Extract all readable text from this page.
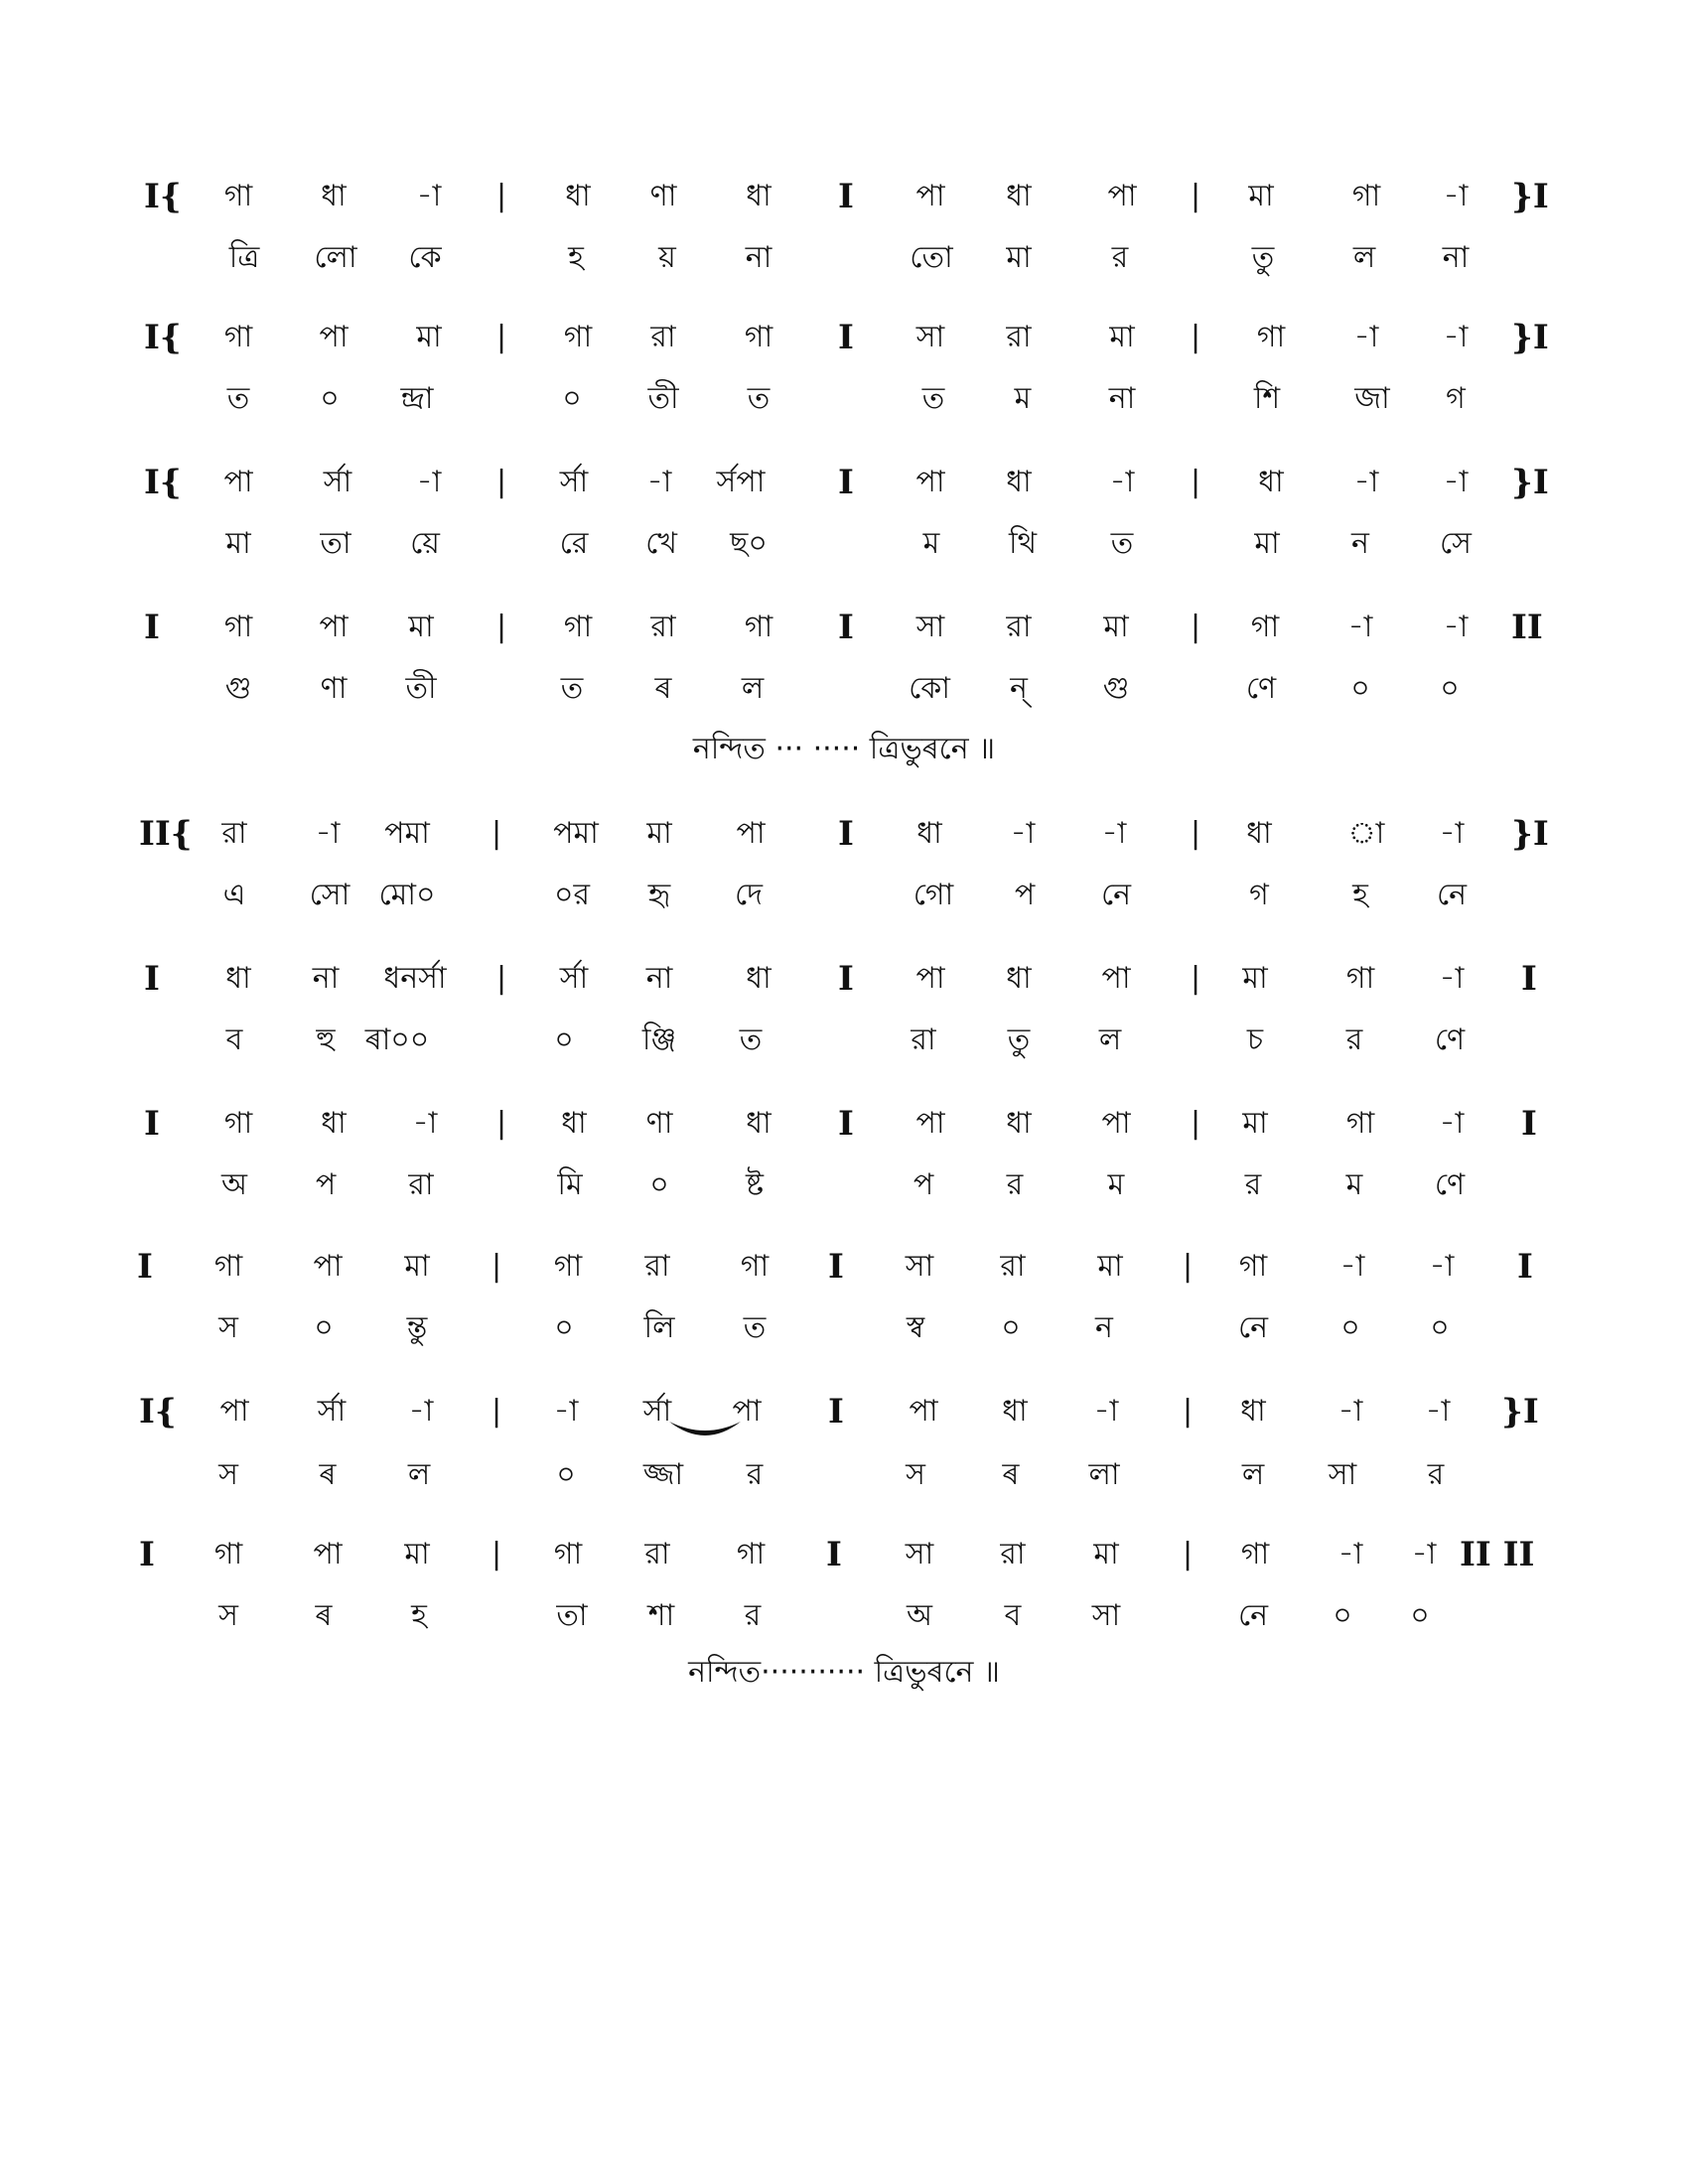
I{	গা	ধা	-া	|	ধা	ণা	ধা	I	পা	ধা	পা	|	মা	গা	-া	}I
ত্রি	লো	কে	হ	য়	না	তো	মা	র	তু	ল	না
I{	গা	পা	মা	|	গা	রা	গা	I	সা	রা	মা	|	গা	-া	-া	}I
ত	০	ন্দ্রা	০	তী	ত	ত	ম	না	শি	জা	গ
I{	পা	র্সা	-া	|	র্সা	-া	র্সপা	I	পা	ধা	-া	|	ধা	-া	-া	}I
মা	তা	য়ে	রে	খে	ছ০	ম	থি	ত	মা	ন	সে
I	গা	পা	মা	|	গা	রা	গা	I	সা	রা	মা	|	গা	-া	-া	II
গু	ণা	তী	ত	ৰ	ল	কো	ন্	গু	ণে	০	০
নন্দিত ··· ····· ত্রিভুৰনে ॥
II{ রা	-া	পমা	|	পমা	মা	পা	I	ধা	-া	-া	|	ধা	া	-া	}I
এ	সো মো০	০র	হৃ	দে	গো	প	নে	গ	হ	নে
I	ধা	না	ধনর্সা	|	র্সা	না	ধা	I	পা	ধা	পা	|	মা	গা	-া	I
ব	হু	ৰা০০	০	ঞ্জি	ত	রা	তু	ল	চ	র	ণে
I	গা	ধা	-া	|	ধা	ণা	ধা	I	পা	ধা	পা	|	মা	গা	-া	I
অ	প	রা	মি	০	ষ্ট	প	র	ম	র	ম	ণে
I	গা	পা	মা	|	গা	রা	গা	I	সা	রা	মা	|	গা	-া	-া	I
স	০	ন্তু	০	লি	ত	স্ব	০	ন	নে	০	০
I{	পা	র্সা	-া	|	-া	র্সা	পা	I	পা	ধা	-া	|	ধা	-া	-া	}I
স	ৰ	ল	০	জ্জা	র	স	ৰ	লা	ল	সা	র
I	গা	পা	মা	|	গা	রা	গা	I	সা	রা	মা	|	গা	-া	-া II II
স	ৰ	হ	তা	শা	র	অ	ব	সা	নে	০	০
নন্দিত··········· ত্রিভুৰনে ॥
